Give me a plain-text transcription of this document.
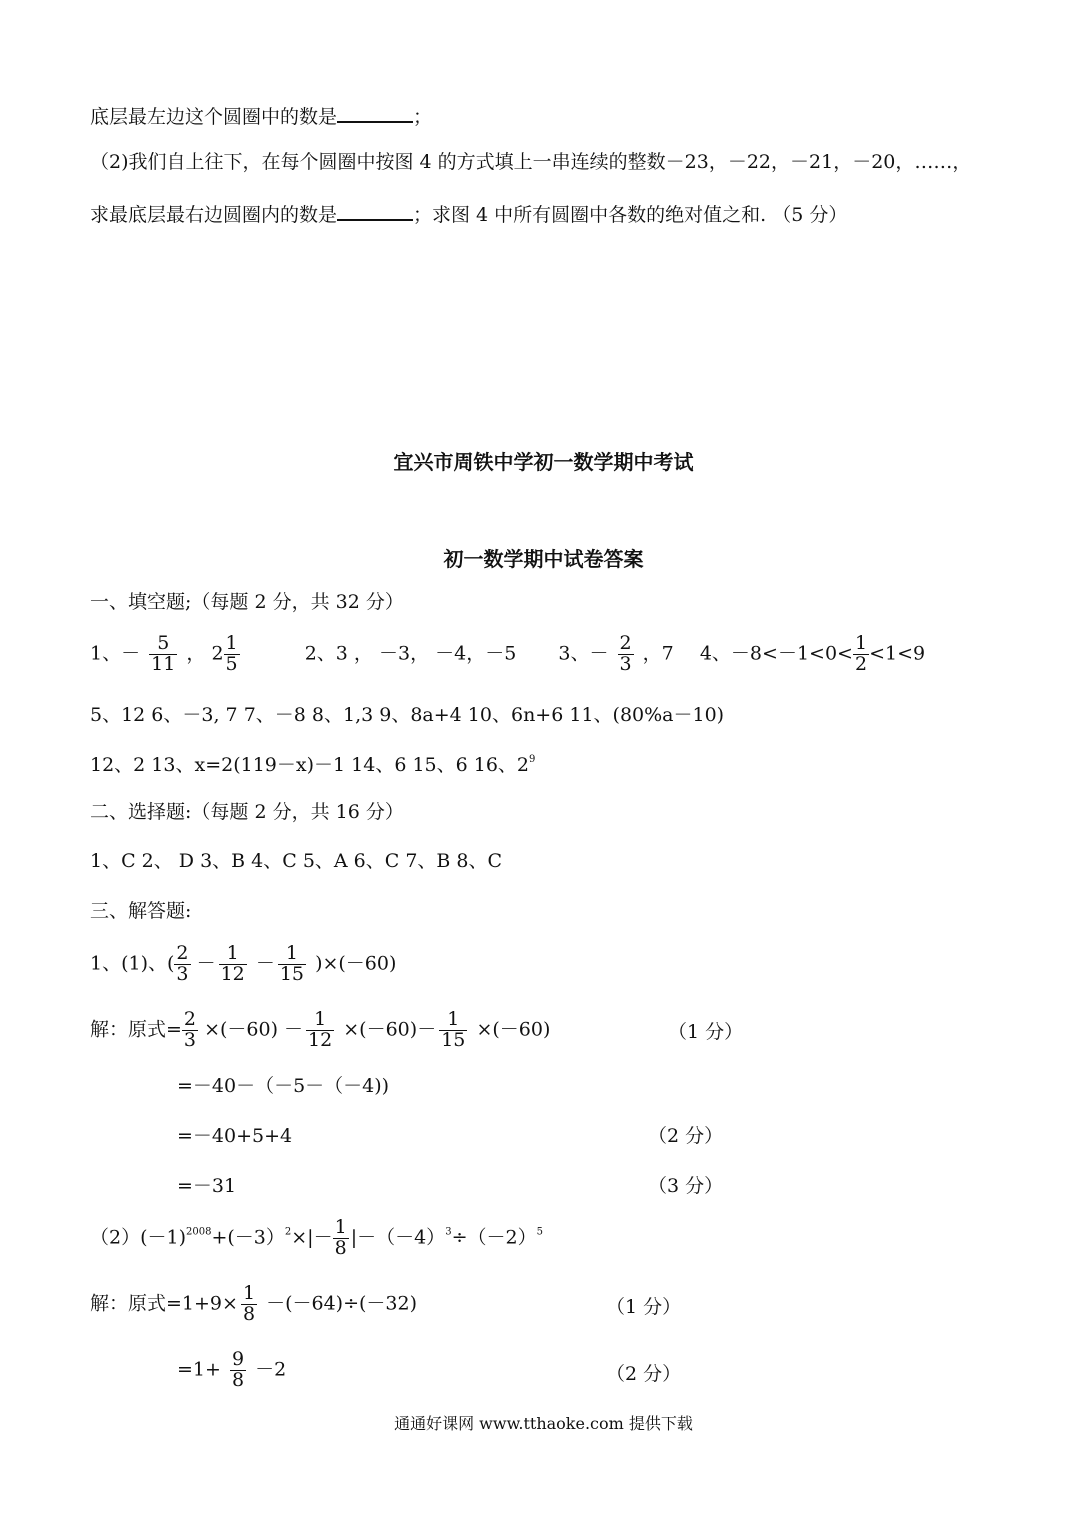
底层最左边这个圆圈中的数是	；
（2)我们自上往下，在每个圆圈中按图 4 的方式填上一串连续的整数－23，－22，－21，－20，……，
求最底层最右边圆圈内的数是	；求图 4 中所有圆圈中各数的绝对值之和. （5 分）
宜兴市周铁中学初一数学期中考试
初一数学期中试卷答案
一、填空题;（每题 2 分，共 32 分）
1、－ $\frac{5}{11}$ ， $2 \frac{1}{5}$	2、3 ， －3， －4，－5 3、－ $\frac{2}{3}$ ，7 4、$-8<-1<0< \frac{1}{2} <1<9$
5、12 6、－3, 7 7、－8 8、1,3 9、8a+4 10、6n+6 11、(80%a－10)
12、2 13、x=2(119－x)－1 14、6 15、6 16、$2^9$
二、选择题:（每题 2 分，共 16 分）
1、C 2、 D 3、B 4、C 5、A 6、C 7、B 8、C
三、解答题:
1、(1)、( $\frac{2}{3} - \frac{1}{12} - \frac{1}{15} )\times(-60)$
解：原式= $\frac{2}{3} \times(-60) - \frac{1}{12} \times(-60)- \frac{1}{15} \times(-60)$	（1 分）
=－40－（－5－（－4))
=－40+5+4	（2 分）
=－31	（3 分）
$(2)(-1)^{2008}+(-3)^2\times|- \frac{1}{8} |-(-4)^3\div(-2)^5$
解：原式$=1+9\times \frac{1}{8} -(-64)\div(-32)$	（1 分）
$=1+ \frac{9}{8} -2$	（2 分）
通通好课网 www.tthaoke.com 提供下载
